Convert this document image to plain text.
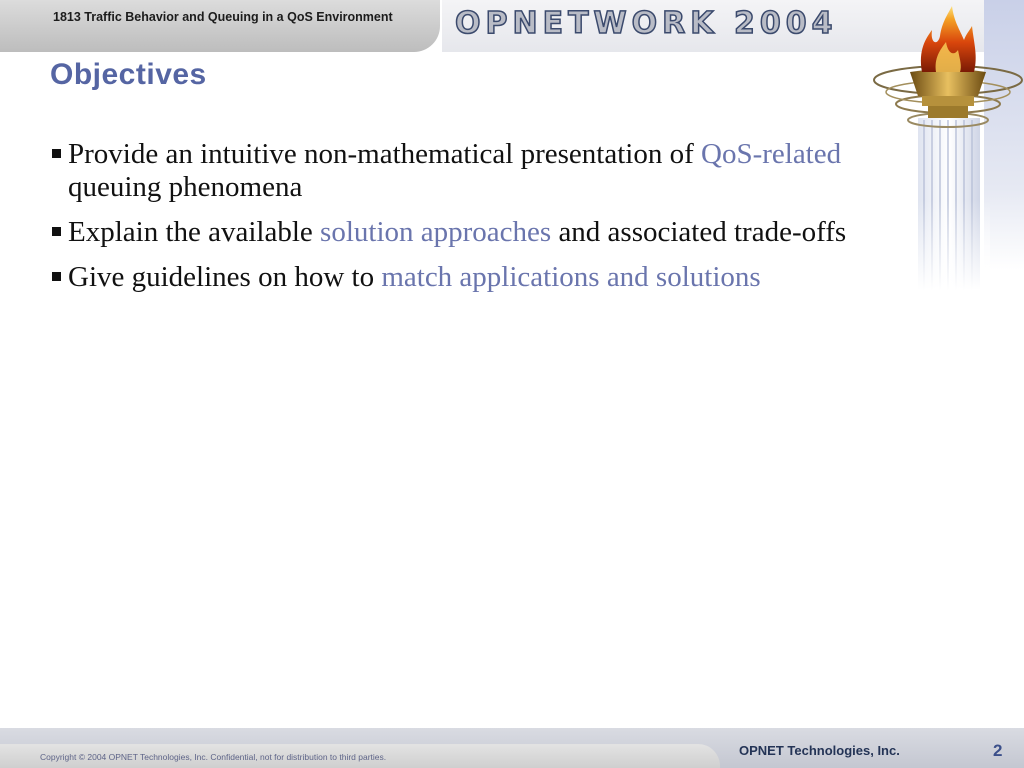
1813 Traffic Behavior and Queuing in a QoS Environment OPNETWORK 2004
Objectives
Provide an intuitive non-mathematical presentation of QoS-related queuing phenomena
Explain the available solution approaches and associated trade-offs
Give guidelines on how to match applications and solutions
Copyright © 2004 OPNET Technologies, Inc. Confidential, not for distribution to third parties.	OPNET Technologies, Inc.	2
